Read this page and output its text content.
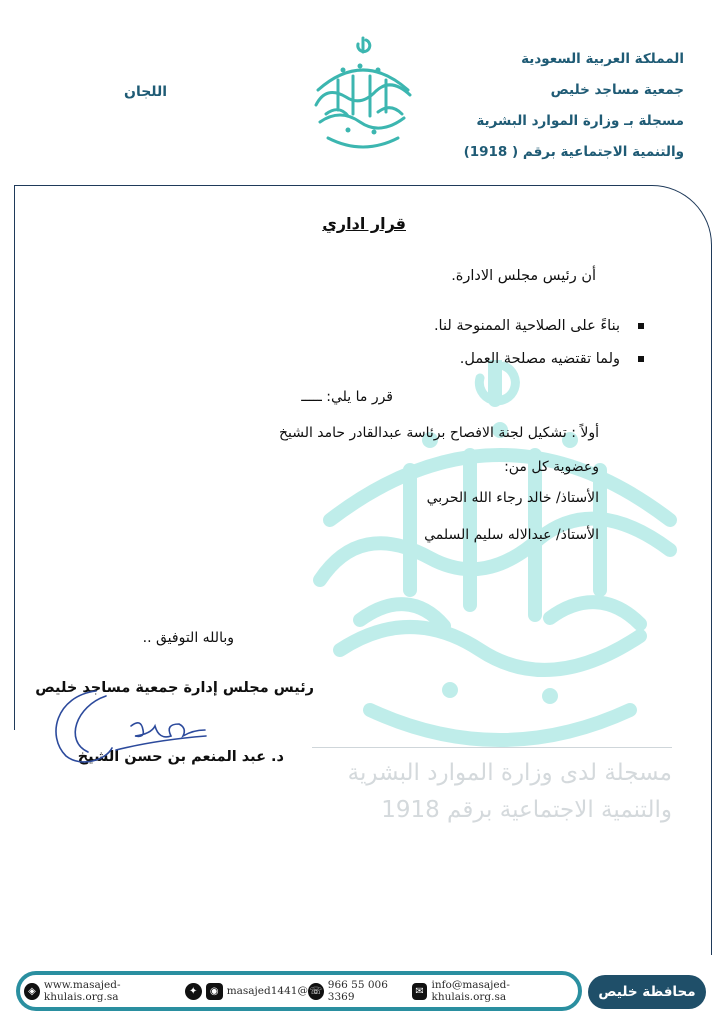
المملكة العربية السعودية
جمعية مساجد خليص
مسجلة بـ وزارة الموارد البشرية
والتنمية الاجتماعية برقم ( 1918)
اللجان
مسجلة لدى وزارة الموارد البشرية
والتنمية الاجتماعية برقم 1918
قرار اداري
أن رئيس مجلس الادارة.
بناءً على الصلاحية الممنوحة لنا.
ولما تقتضيه مصلحة العمل.
قرر ما يلي: ـــــ
أولاً : تشكيل لجنة الافصاح برئاسة عبدالقادر حامد الشيخ
وعضوية كل من:
الأستاذ/ خالد رجاء الله الحربي
الأستاذ/ عبدالاله سليم السلمي
وبالله التوفيق ..
رئيس مجلس إدارة جمعية مساجد خليص
د. عبد المنعم بن حسن الشيخ
◈ www.masajed-khulais.org.sa	✦	◉ masajed1441@ ☏ 966 55 006 3369	✉ info@masajed-khulais.org.sa	محافظة خليص
